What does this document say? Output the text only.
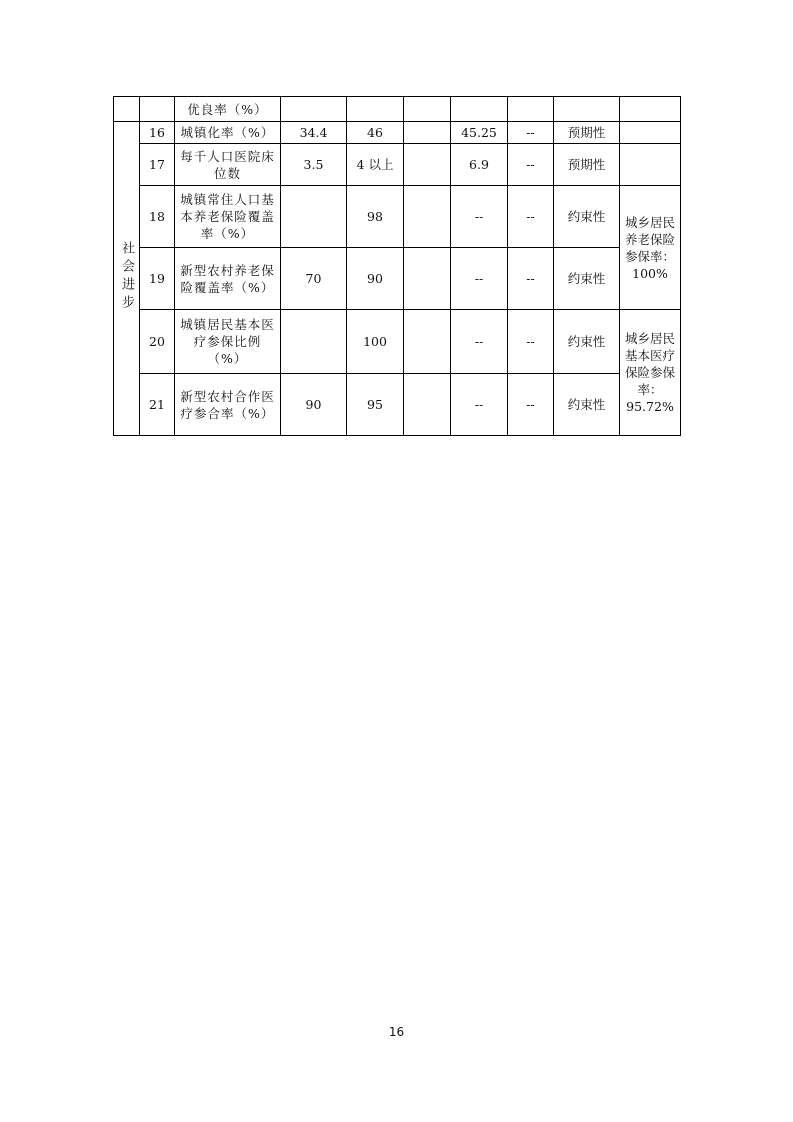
		优良率（%）							
社会进步	16	城镇化率（%）	34.4	46		45.25	--	预期性	
	17	每千人口医院床位数	3.5	4 以上		6.9	--	预期性	
	18	城镇常住人口基本养老保险覆盖率（%）		98		--	--	约束性	城乡居民养老保险参保率：100%
	19	新型农村养老保险覆盖率（%）	70	90		--	--	约束性	
	20	城镇居民基本医疗参保比例（%）		100		--	--	约束性	城乡居民基本医疗保险参保率：95.72%
	21	新型农村合作医疗参合率（%）	90	95		--	--	约束性	
16
